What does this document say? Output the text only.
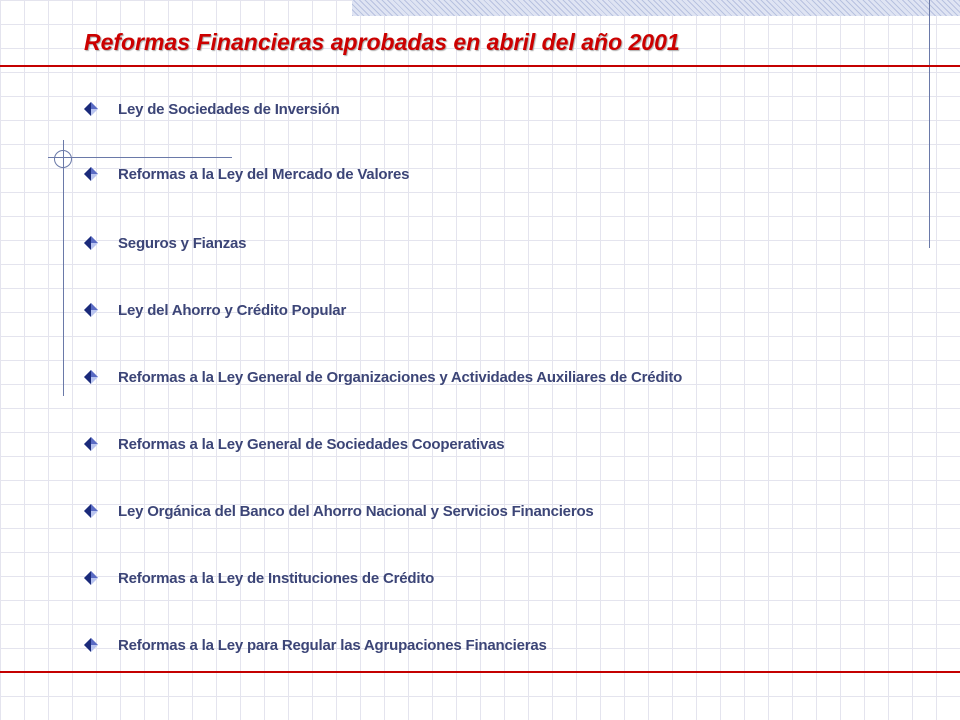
Reformas Financieras aprobadas en abril del año 2001
Ley de Sociedades de Inversión
Reformas a la Ley del Mercado de Valores
Seguros y Fianzas
Ley del Ahorro y Crédito Popular
Reformas a la Ley General de Organizaciones y Actividades Auxiliares de Crédito
Reformas a la Ley General de Sociedades Cooperativas
Ley Orgánica del Banco del Ahorro Nacional y Servicios Financieros
Reformas a la Ley de Instituciones de Crédito
Reformas a la Ley para Regular las Agrupaciones Financieras
